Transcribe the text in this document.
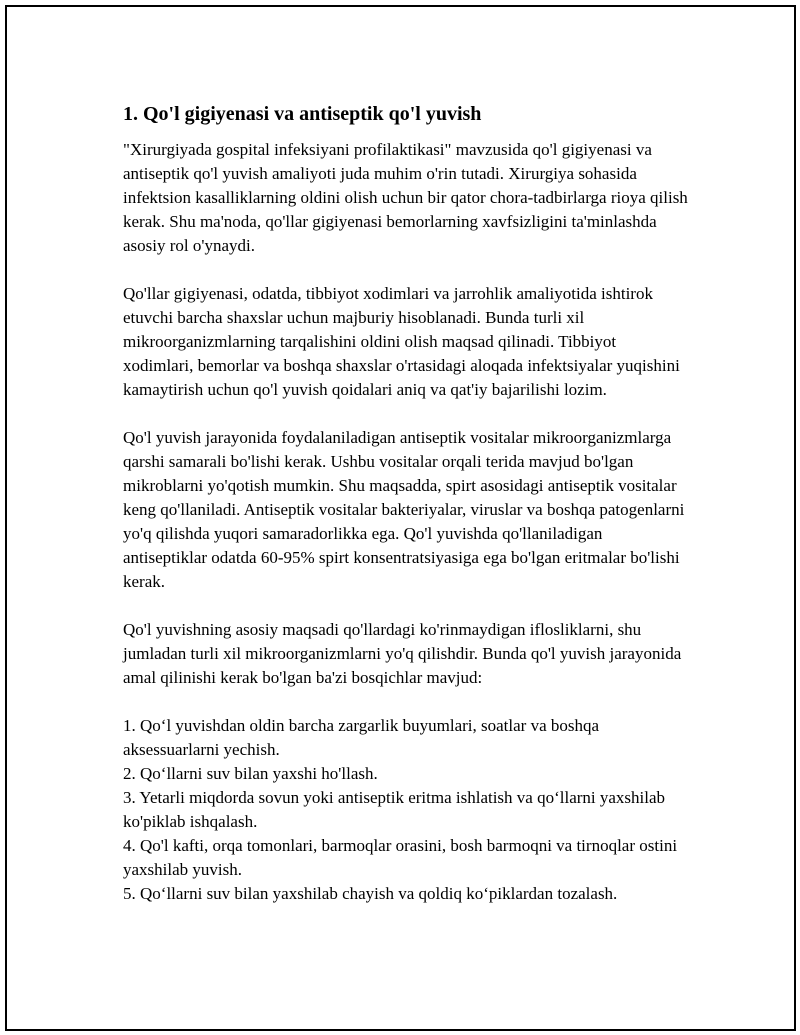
1. Qo'l gigiyenasi va antiseptik qo'l yuvish

"Xirurgiyada gospital infeksiyani profilaktikasi" mavzusida qo'l gigiyenasi va antiseptik qo'l yuvish amaliyoti juda muhim o'rin tutadi. Xirurgiya sohasida infektsion kasalliklarning oldini olish uchun bir qator chora-tadbirlarga rioya qilish kerak. Shu ma'noda, qo'llar gigiyenasi bemorlarning xavfsizligini ta'minlashda asosiy rol o'ynaydi.

Qo'llar gigiyenasi, odatda, tibbiyot xodimlari va jarrohlik amaliyotida ishtirok etuvchi barcha shaxslar uchun majburiy hisoblanadi. Bunda turli xil mikroorganizmlarning tarqalishini oldini olish maqsad qilinadi. Tibbiyot xodimlari, bemorlar va boshqa shaxslar o'rtasidagi aloqada infektsiyalar yuqishini kamaytirish uchun qo'l yuvish qoidalari aniq va qat'iy bajarilishi lozim.

Qo'l yuvish jarayonida foydalaniladigan antiseptik vositalar mikroorganizmlarga qarshi samarali bo'lishi kerak. Ushbu vositalar orqali terida mavjud bo'lgan mikroblarni yo'qotish mumkin. Shu maqsadda, spirt asosidagi antiseptik vositalar keng qo'llaniladi. Antiseptik vositalar bakteriyalar, viruslar va boshqa patogenlarni yo'q qilishda yuqori samaradorlikka ega. Qo'l yuvishda qo'llaniladigan antiseptiklar odatda 60-95% spirt konsentratsiyasiga ega bo'lgan eritmalar bo'lishi kerak.

Qo'l yuvishning asosiy maqsadi qo'llardagi ko'rinmaydigan iflosliklarni, shu jumladan turli xil mikroorganizmlarni yo'q qilishdir. Bunda qo'l yuvish jarayonida amal qilinishi kerak bo'lgan ba'zi bosqichlar mavjud:

1. Qo‘l yuvishdan oldin barcha zargarlik buyumlari, soatlar va boshqa aksessuarlarni yechish.
2. Qo‘llarni suv bilan yaxshi ho'llash.
3. Yetarli miqdorda sovun yoki antiseptik eritma ishlatish va qo‘llarni yaxshilab ko'piklab ishqalash.
4. Qo'l kafti, orqa tomonlari, barmoqlar orasini, bosh barmoqni va tirnoqlar ostini yaxshilab yuvish.
5. Qo‘llarni suv bilan yaxshilab chayish va qoldiq ko‘piklardan tozalash.
